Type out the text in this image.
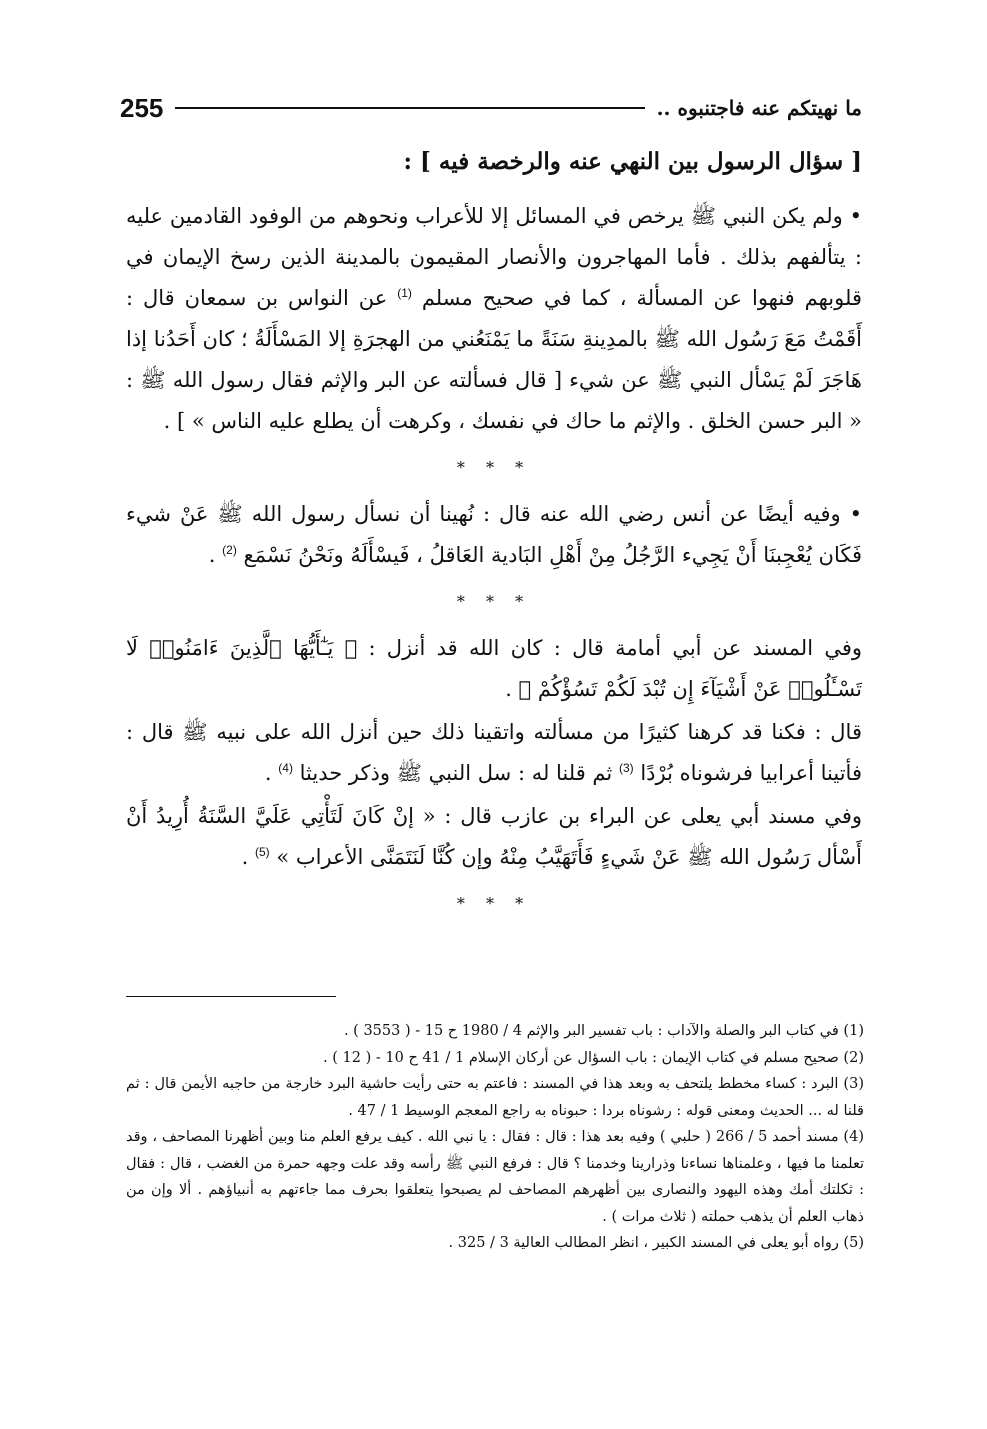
ما نهيتكم عنه فاجتنبوه ..
255
[ سؤال الرسول بين النهي عنه والرخصة فيه ] :

• ولم يكن النبي ﷺ يرخص في المسائل إلا للأعراب ونحوهم من الوفود القادمين عليه : يتألفهم بذلك . فأما المهاجرون والأنصار المقيمون بالمدينة الذين رسخ الإيمان في قلوبهم فنهوا عن المسألة ، كما في صحيح مسلم $^{(1)}$ عن النواس بن سمعان قال : أَقَمْتُ مَعَ رَسُول الله ﷺ بالمدِينةِ سَنَةً ما يَمْنَعُني من الهجرَةِ إلا المَسْأَلَةُ ؛ كان أَحَدُنا إذا هَاجَرَ لَمْ يَسْأل النبي ﷺ عن شيء [ قال فسألته عن البر والإثم فقال رسول الله ﷺ : « البر حسن الخلق . والإثم ما حاك في نفسك ، وكرهت أن يطلع عليه الناس » ] .

* * *

• وفيه أيضًا عن أنس رضي الله عنه قال : نُهينا أن نسأل رسول الله ﷺ عَنْ شيء فَكَان يُعْجِبنَا أَنْ يَجِيء الرَّجُلُ مِنْ أَهْلِ البَادية العَاقلُ ، فَيسْأَلَهُ ونَحْنُ نَسْمَع $^{(2)}$ .

* * *

وفي المسند عن أبي أمامة قال : كان الله قد أنزل : ﴿ يَـٰٓأَيُّهَا ٱلَّذِينَ ءَامَنُوا۟ لَا تَسْـَٔلُوا۟ عَنْ أَشْيَآءَ إِن تُبْدَ لَكُمْ تَسُؤْكُمْ ﴾ .

قال : فكنا قد كرهنا كثيرًا من مسألته واتقينا ذلك حين أنزل الله على نبيه ﷺ قال : فأتينا أعرابيا فرشوناه بُرْدًا $^{(3)}$ ثم قلنا له : سل النبي ﷺ وذكر حديثا $^{(4)}$ .

وفي مسند أبي يعلى عن البراء بن عازب قال : « إنْ كَانَ لَتَأْتِي عَلَيَّ السَّنَةُ أُرِيدُ أَنْ أَسْأل رَسُول الله ﷺ عَنْ شَيءٍ فَأَتَهَيَّبُ مِنْهُ وإن كُنَّا لَنَتَمَنَّى الأعراب » $^{(5)}$ .

* * *

(1) في كتاب البر والصلة والآداب : باب تفسير البر والإثم 4 / 1980 ح 15 - ( 3553 ) .

(2) صحيح مسلم في كتاب الإيمان : باب السؤال عن أركان الإسلام 1 / 41 ح 10 - ( 12 ) .

(3) البرد : كساء مخطط يلتحف به وبعد هذا في المسند : فاعتم به حتى رأيت حاشية البرد خارجة من حاجبه الأيمن قال : ثم قلنا له ... الحديث ومعنى قوله : رشوناه بردا : حبوناه به راجع المعجم الوسيط 1 / 47 .

(4) مسند أحمد 5 / 266 ( حلبي ) وفيه بعد هذا : قال : فقال : يا نبي الله . كيف يرفع العلم منا وبين أظهرنا المصاحف ، وقد تعلمنا ما فيها ، وعلمناها نساءنا وذرارينا وخدمنا ؟ قال : فرفع النبي ﷺ رأسه وقد علت وجهه حمرة من الغضب ، قال : فقال : ثكلتك أمك وهذه اليهود والنصارى بين أظهرهم المصاحف لم يصبحوا يتعلقوا بحرف مما جاءتهم به أنبياؤهم . ألا وإن من ذهاب العلم أن يذهب حملته ( ثلاث مرات ) .

(5) رواه أبو يعلى في المسند الكبير ، انظر المطالب العالية 3 / 325 .
